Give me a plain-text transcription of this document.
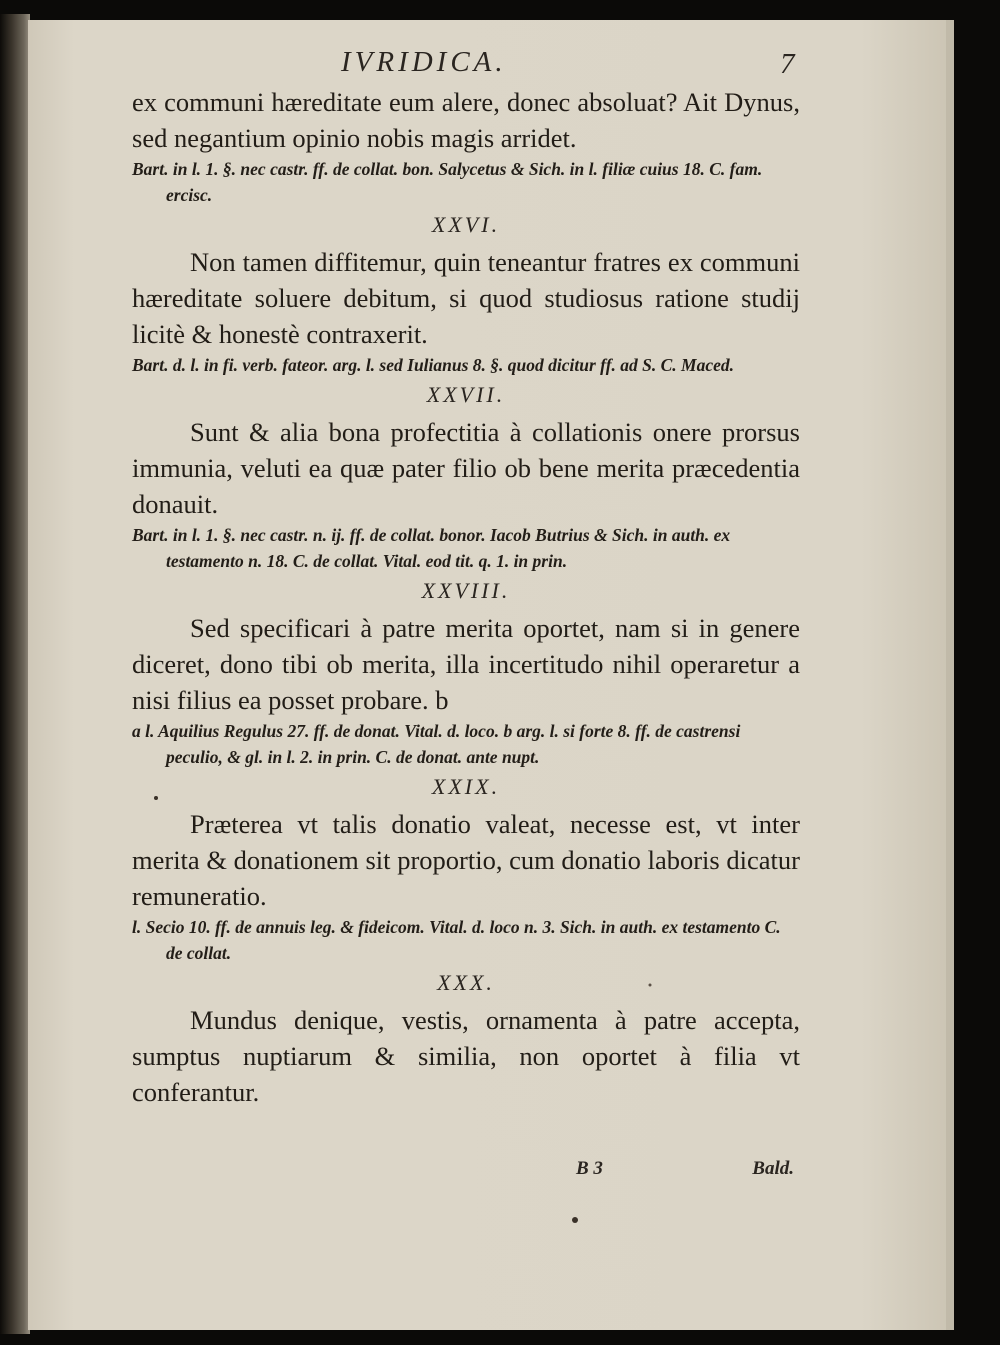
IVRIDICA.	7

ex communi hæreditate eum alere, donec absoluat? Ait Dynus, sed negantium opinio nobis magis arridet.

Bart. in l. 1. §. nec castr. ff. de collat. bon. Salycetus & Sich. in l. filiæ cuius 18. C. fam. ercisc.

XXVI.

Non tamen diffitemur, quin teneantur fratres ex communi hæreditate soluere debitum, si quod studiosus ratione studij licitè & honestè contraxerit.

Bart. d. l. in fi. verb. fateor. arg. l. sed Iulianus 8. §. quod dicitur ff. ad S. C. Maced.

XXVII.

Sunt & alia bona profectitia à collationis onere prorsus immunia, veluti ea quæ pater filio ob bene merita præcedentia donauit.

Bart. in l. 1. §. nec castr. n. ij. ff. de collat. bonor. Iacob Butrius & Sich. in auth. ex testamento n. 18. C. de collat. Vital. eod tit. q. 1. in prin.

XXVIII.

Sed specificari à patre merita oportet, nam si in genere diceret, dono tibi ob merita, illa incertitudo nihil operaretur a nisi filius ea posset probare. b

a l. Aquilius Regulus 27. ff. de donat. Vital. d. loco. b arg. l. si forte 8. ff. de castrensi peculio, & gl. in l. 2. in prin. C. de donat. ante nupt.

XXIX.

Præterea vt talis donatio valeat, necesse est, vt inter merita & donationem sit proportio, cum donatio laboris dicatur remuneratio.

l. Secio 10. ff. de annuis leg. & fideicom. Vital. d. loco n. 3. Sich. in auth. ex testamento C. de collat.

XXX.

Mundus denique, vestis, ornamenta à patre accepta, sumptus nuptiarum & similia, non oportet à filia vt conferantur.

B 3	Bald.
